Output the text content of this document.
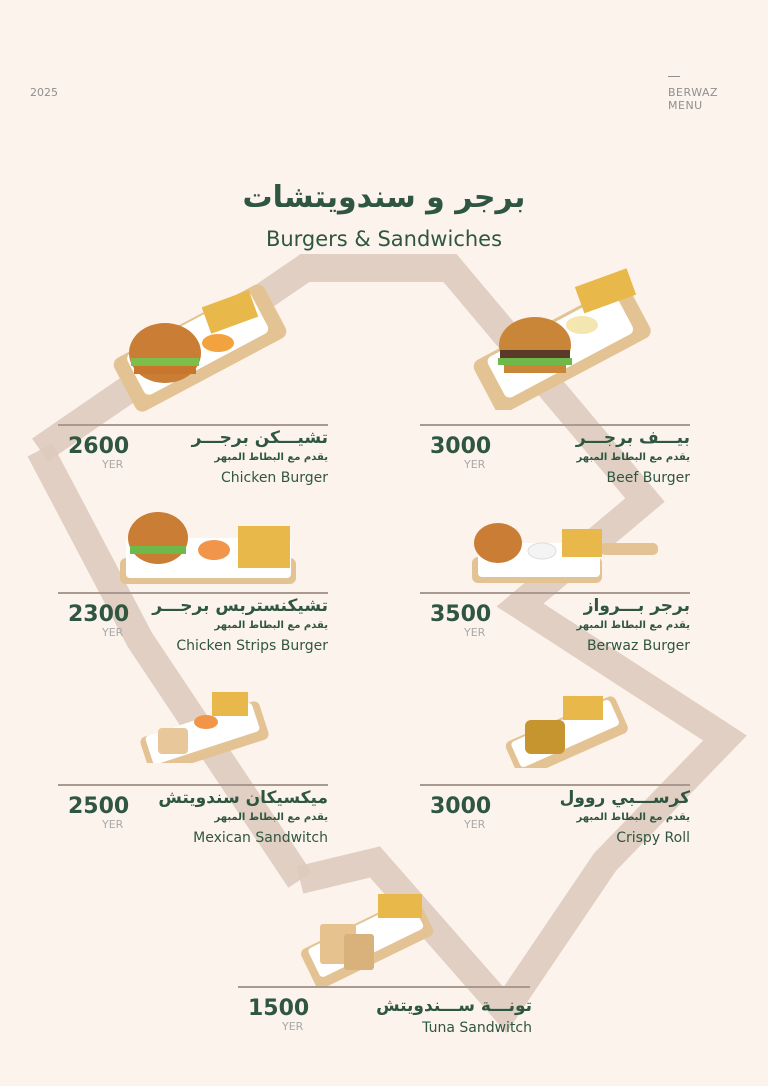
2025	BERWAZ
MENU
برجر و سندويتشات
Burgers & Sandwiches
2600
YER
تشيـــكن برجـــر
يقدم مع البطاط المبهر
Chicken Burger
3000
YER
بيـــف برجـــر
يقدم مع البطاط المبهر
Beef Burger
2300
YER
تشيكنستربس برجـــر
يقدم مع البطاط المبهر
Chicken Strips Burger
3500
YER
برجر بـــرواز
يقدم مع البطاط المبهر
Berwaz Burger
2500
YER
ميكسيكان سندويتش
يقدم مع البطاط المبهر
Mexican Sandwitch
3000
YER
كرســـبي روول
يقدم مع البطاط المبهر
Crispy Roll
1500
YER
تونـــة ســـندويتش
Tuna Sandwitch
